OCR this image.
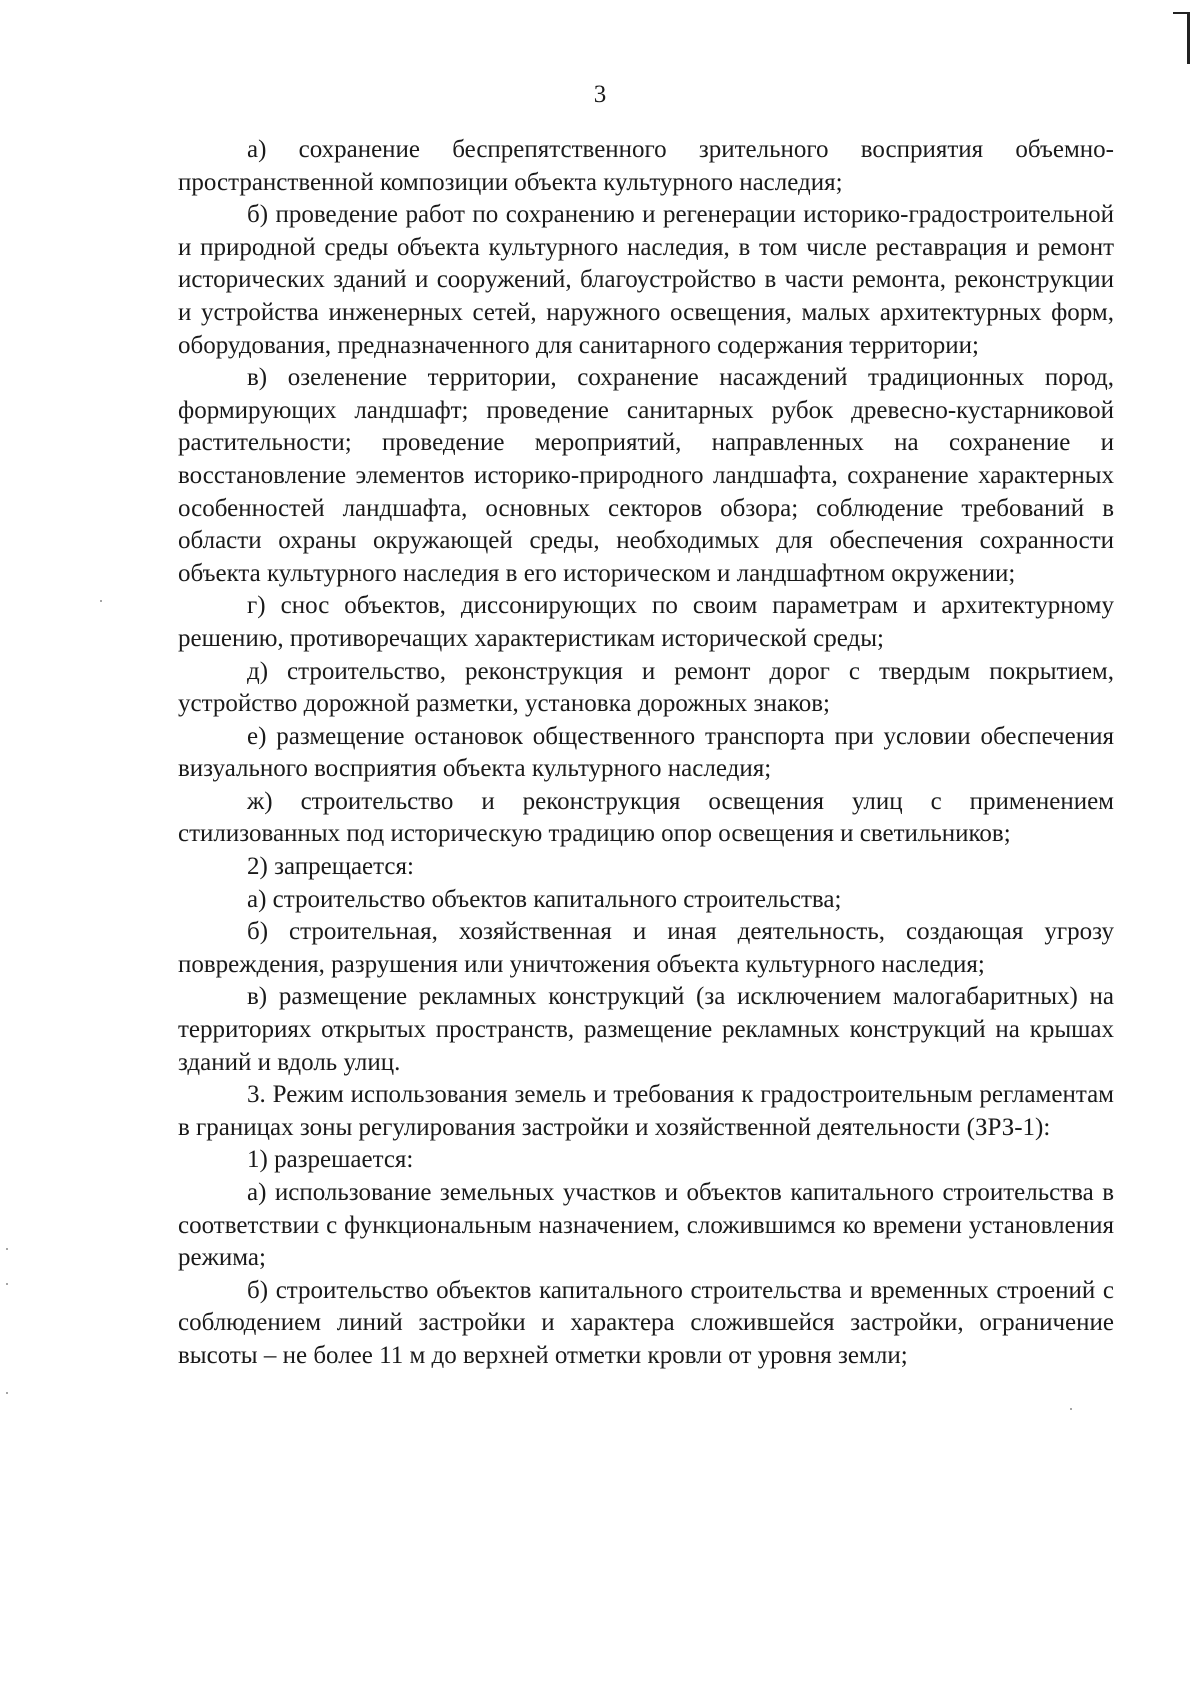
3

а) сохранение беспрепятственного зрительного восприятия объемно-пространственной композиции объекта культурного наследия;

б) проведение работ по сохранению и регенерации историко-градостроительной и природной среды объекта культурного наследия, в том числе реставрация и ремонт исторических зданий и сооружений, благоустройство в части ремонта, реконструкции и устройства инженерных сетей, наружного освещения, малых архитектурных форм, оборудования, предназначенного для санитарного содержания территории;

в) озеленение территории, сохранение насаждений традиционных пород, формирующих ландшафт; проведение санитарных рубок древесно-кустарниковой растительности; проведение мероприятий, направленных на сохранение и восстановление элементов историко-природного ландшафта, сохранение характерных особенностей ландшафта, основных секторов обзора; соблюдение требований в области охраны окружающей среды, необходимых для обеспечения сохранности объекта культурного наследия в его историческом и ландшафтном окружении;

г) снос объектов, диссонирующих по своим параметрам и архитектурному решению, противоречащих характеристикам исторической среды;

д) строительство, реконструкция и ремонт дорог с твердым покрытием, устройство дорожной разметки, установка дорожных знаков;

е) размещение остановок общественного транспорта при условии обеспечения визуального восприятия объекта культурного наследия;

ж) строительство и реконструкция освещения улиц с применением стилизованных под историческую традицию опор освещения и светильников;

2) запрещается:

а) строительство объектов капитального строительства;

б) строительная, хозяйственная и иная деятельность, создающая угрозу повреждения, разрушения или уничтожения объекта культурного наследия;

в) размещение рекламных конструкций (за исключением малогабаритных) на территориях открытых пространств, размещение рекламных конструкций на крышах зданий и вдоль улиц.

3. Режим использования земель и требования к градостроительным регламентам в границах зоны регулирования застройки и хозяйственной деятельности (ЗРЗ-1):

1) разрешается:

а) использование земельных участков и объектов капитального строительства в соответствии с функциональным назначением, сложившимся ко времени установления режима;

б) строительство объектов капитального строительства и временных строений с соблюдением линий застройки и характера сложившейся застройки, ограничение высоты – не более 11 м до верхней отметки кровли от уровня земли;
